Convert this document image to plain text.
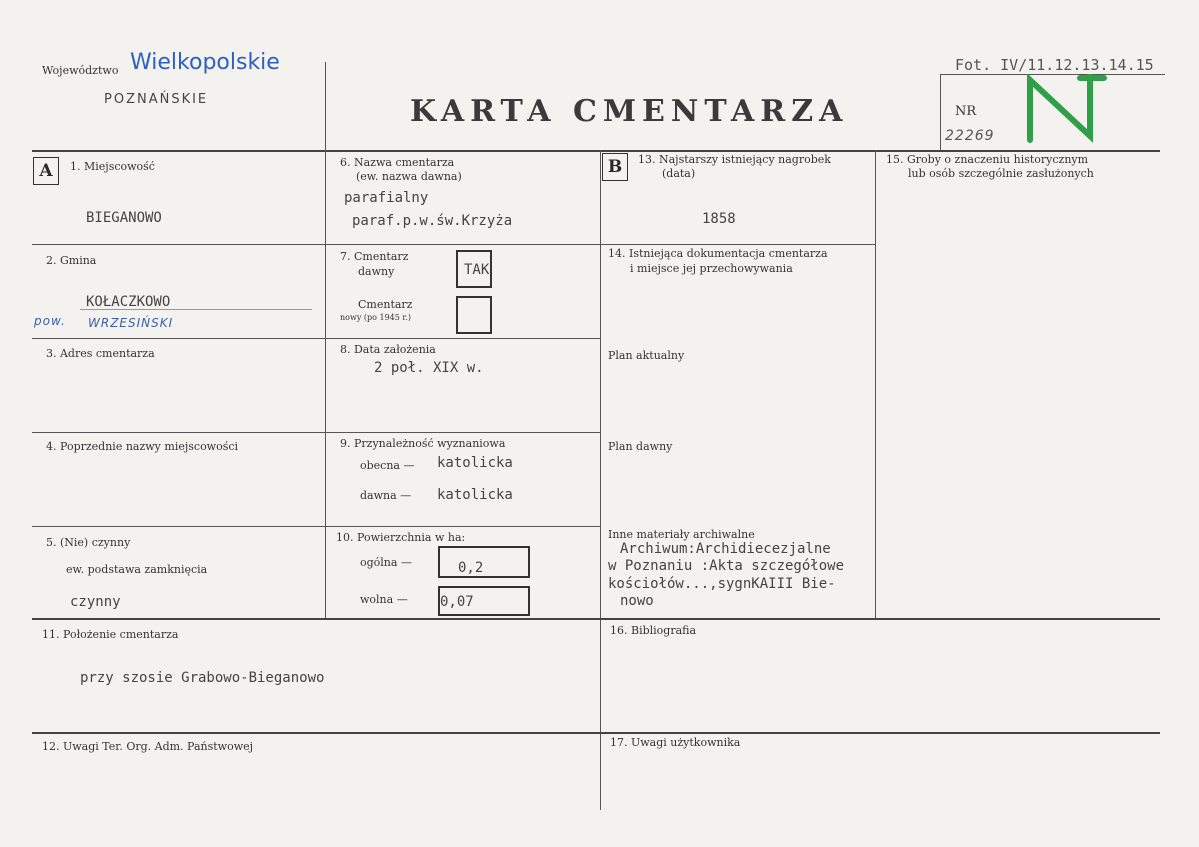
Województwo Wielkopolskie
POZNAŃSKIE	KARTA CMENTARZA
Fot. IV/11.12.13.14.15
NR
22269
A	1. Miejscowość
BIEGANOWO
2. Gmina
KOŁACZKOWO
pow. WRZESIŃSKI
3. Adres cmentarza
4. Poprzednie nazwy miejscowości
5. (Nie) czynny
ew. podstawa zamknięcia
czynny
6. Nazwa cmentarza
(ew. nazwa dawna)
parafialny
paraf.p.w.św.Krzyża
7. Cmentarz
dawny	TAK
Cmentarz
nowy (po 1945 r.)
8. Data założenia
2 poł. XIX w.
9. Przynależność wyznaniowa
obecna — katolicka
dawna — katolicka
10. Powierzchnia w ha:
ogólna —	0,2
wolna — 0,07
B	13. Najstarszy istniejący nagrobek
(data)
1858
14. Istniejąca dokumentacja cmentarza
i miejsce jej przechowywania
Plan aktualny
Plan dawny
Inne materiały archiwalne
Archiwum:Archidiecezjalne
w Poznaniu :Akta szczegółowe
kościołów...,sygnKAIII Bie-
nowo
15. Groby o znaczeniu historycznym
lub osób szczególnie zasłużonych
11. Położenie cmentarza
przy szosie Grabowo-Bieganowo
12. Uwagi Ter. Org. Adm. Państwowej
16. Bibliografia
17. Uwagi użytkownika
